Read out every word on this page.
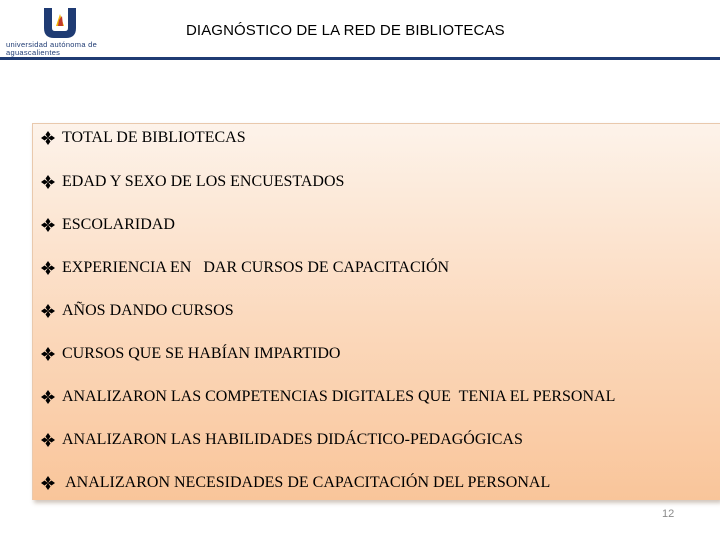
universidad autónoma de aguascalientes
DIAGNÓSTICO DE LA RED DE BIBLIOTECAS
TOTAL DE BIBLIOTECAS
EDAD Y SEXO DE LOS ENCUESTADOS
ESCOLARIDAD
EXPERIENCIA EN   DAR CURSOS DE CAPACITACIÓN
AÑOS DANDO CURSOS
CURSOS QUE SE HABÍAN IMPARTIDO
ANALIZARON LAS COMPETENCIAS DIGITALES QUE  TENIA EL PERSONAL
ANALIZARON LAS HABILIDADES DIDÁCTICO-PEDAGÓGICAS
ANALIZARON NECESIDADES DE CAPACITACIÓN DEL PERSONAL
12
